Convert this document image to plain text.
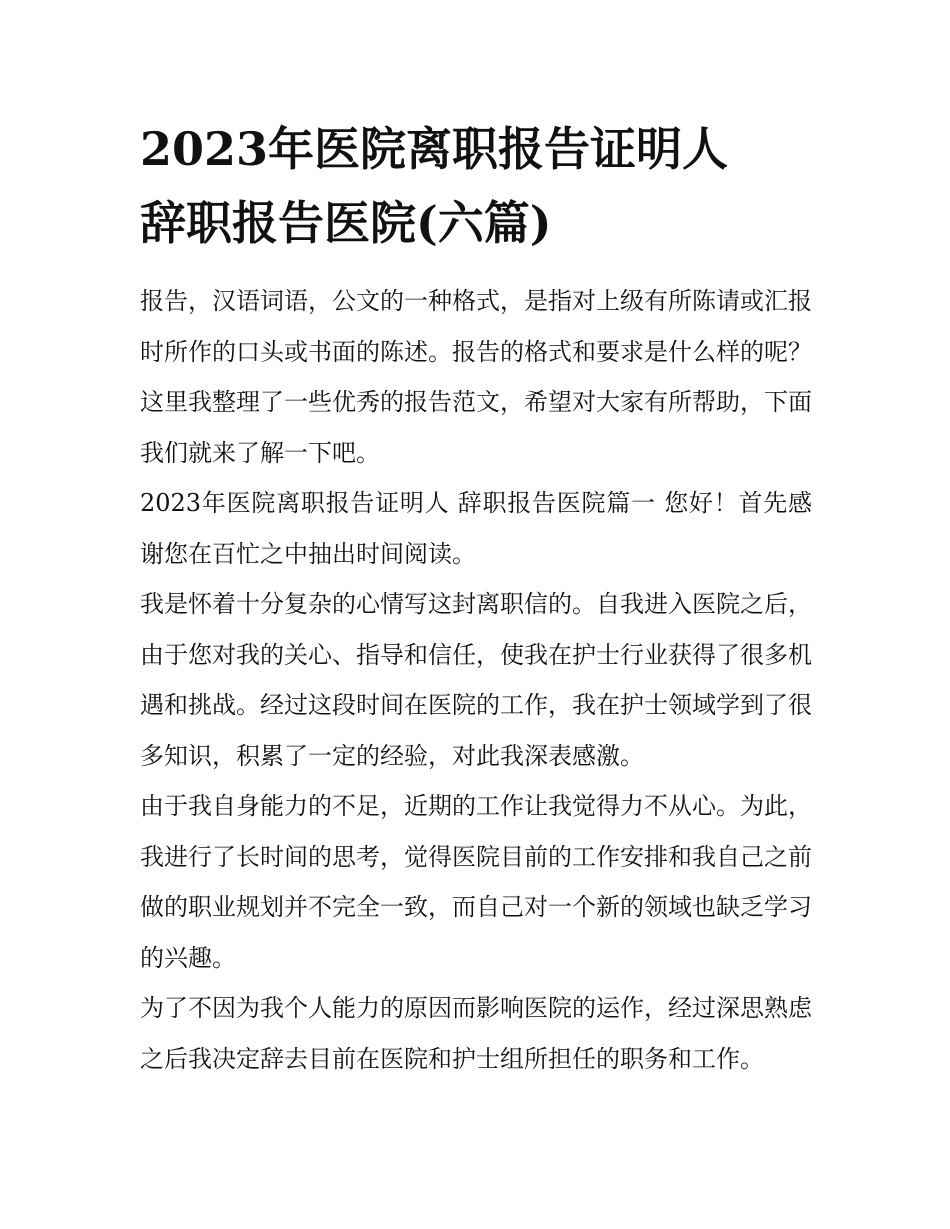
2023年医院离职报告证明人
辞职报告医院(六篇)

报告，汉语词语，公文的一种格式，是指对上级有所陈请或汇报时所作的口头或书面的陈述。报告的格式和要求是什么样的呢？这里我整理了一些优秀的报告范文，希望对大家有所帮助，下面我们就来了解一下吧。

2023年医院离职报告证明人 辞职报告医院篇一 您好！首先感谢您在百忙之中抽出时间阅读。

我是怀着十分复杂的心情写这封离职信的。自我进入医院之后，由于您对我的关心、指导和信任，使我在护士行业获得了很多机遇和挑战。经过这段时间在医院的工作，我在护士领域学到了很多知识，积累了一定的经验，对此我深表感激。

由于我自身能力的不足，近期的工作让我觉得力不从心。为此，我进行了长时间的思考，觉得医院目前的工作安排和我自己之前做的职业规划并不完全一致，而自己对一个新的领域也缺乏学习的兴趣。

为了不因为我个人能力的原因而影响医院的运作，经过深思熟虑之后我决定辞去目前在医院和护士组所担任的职务和工作。
